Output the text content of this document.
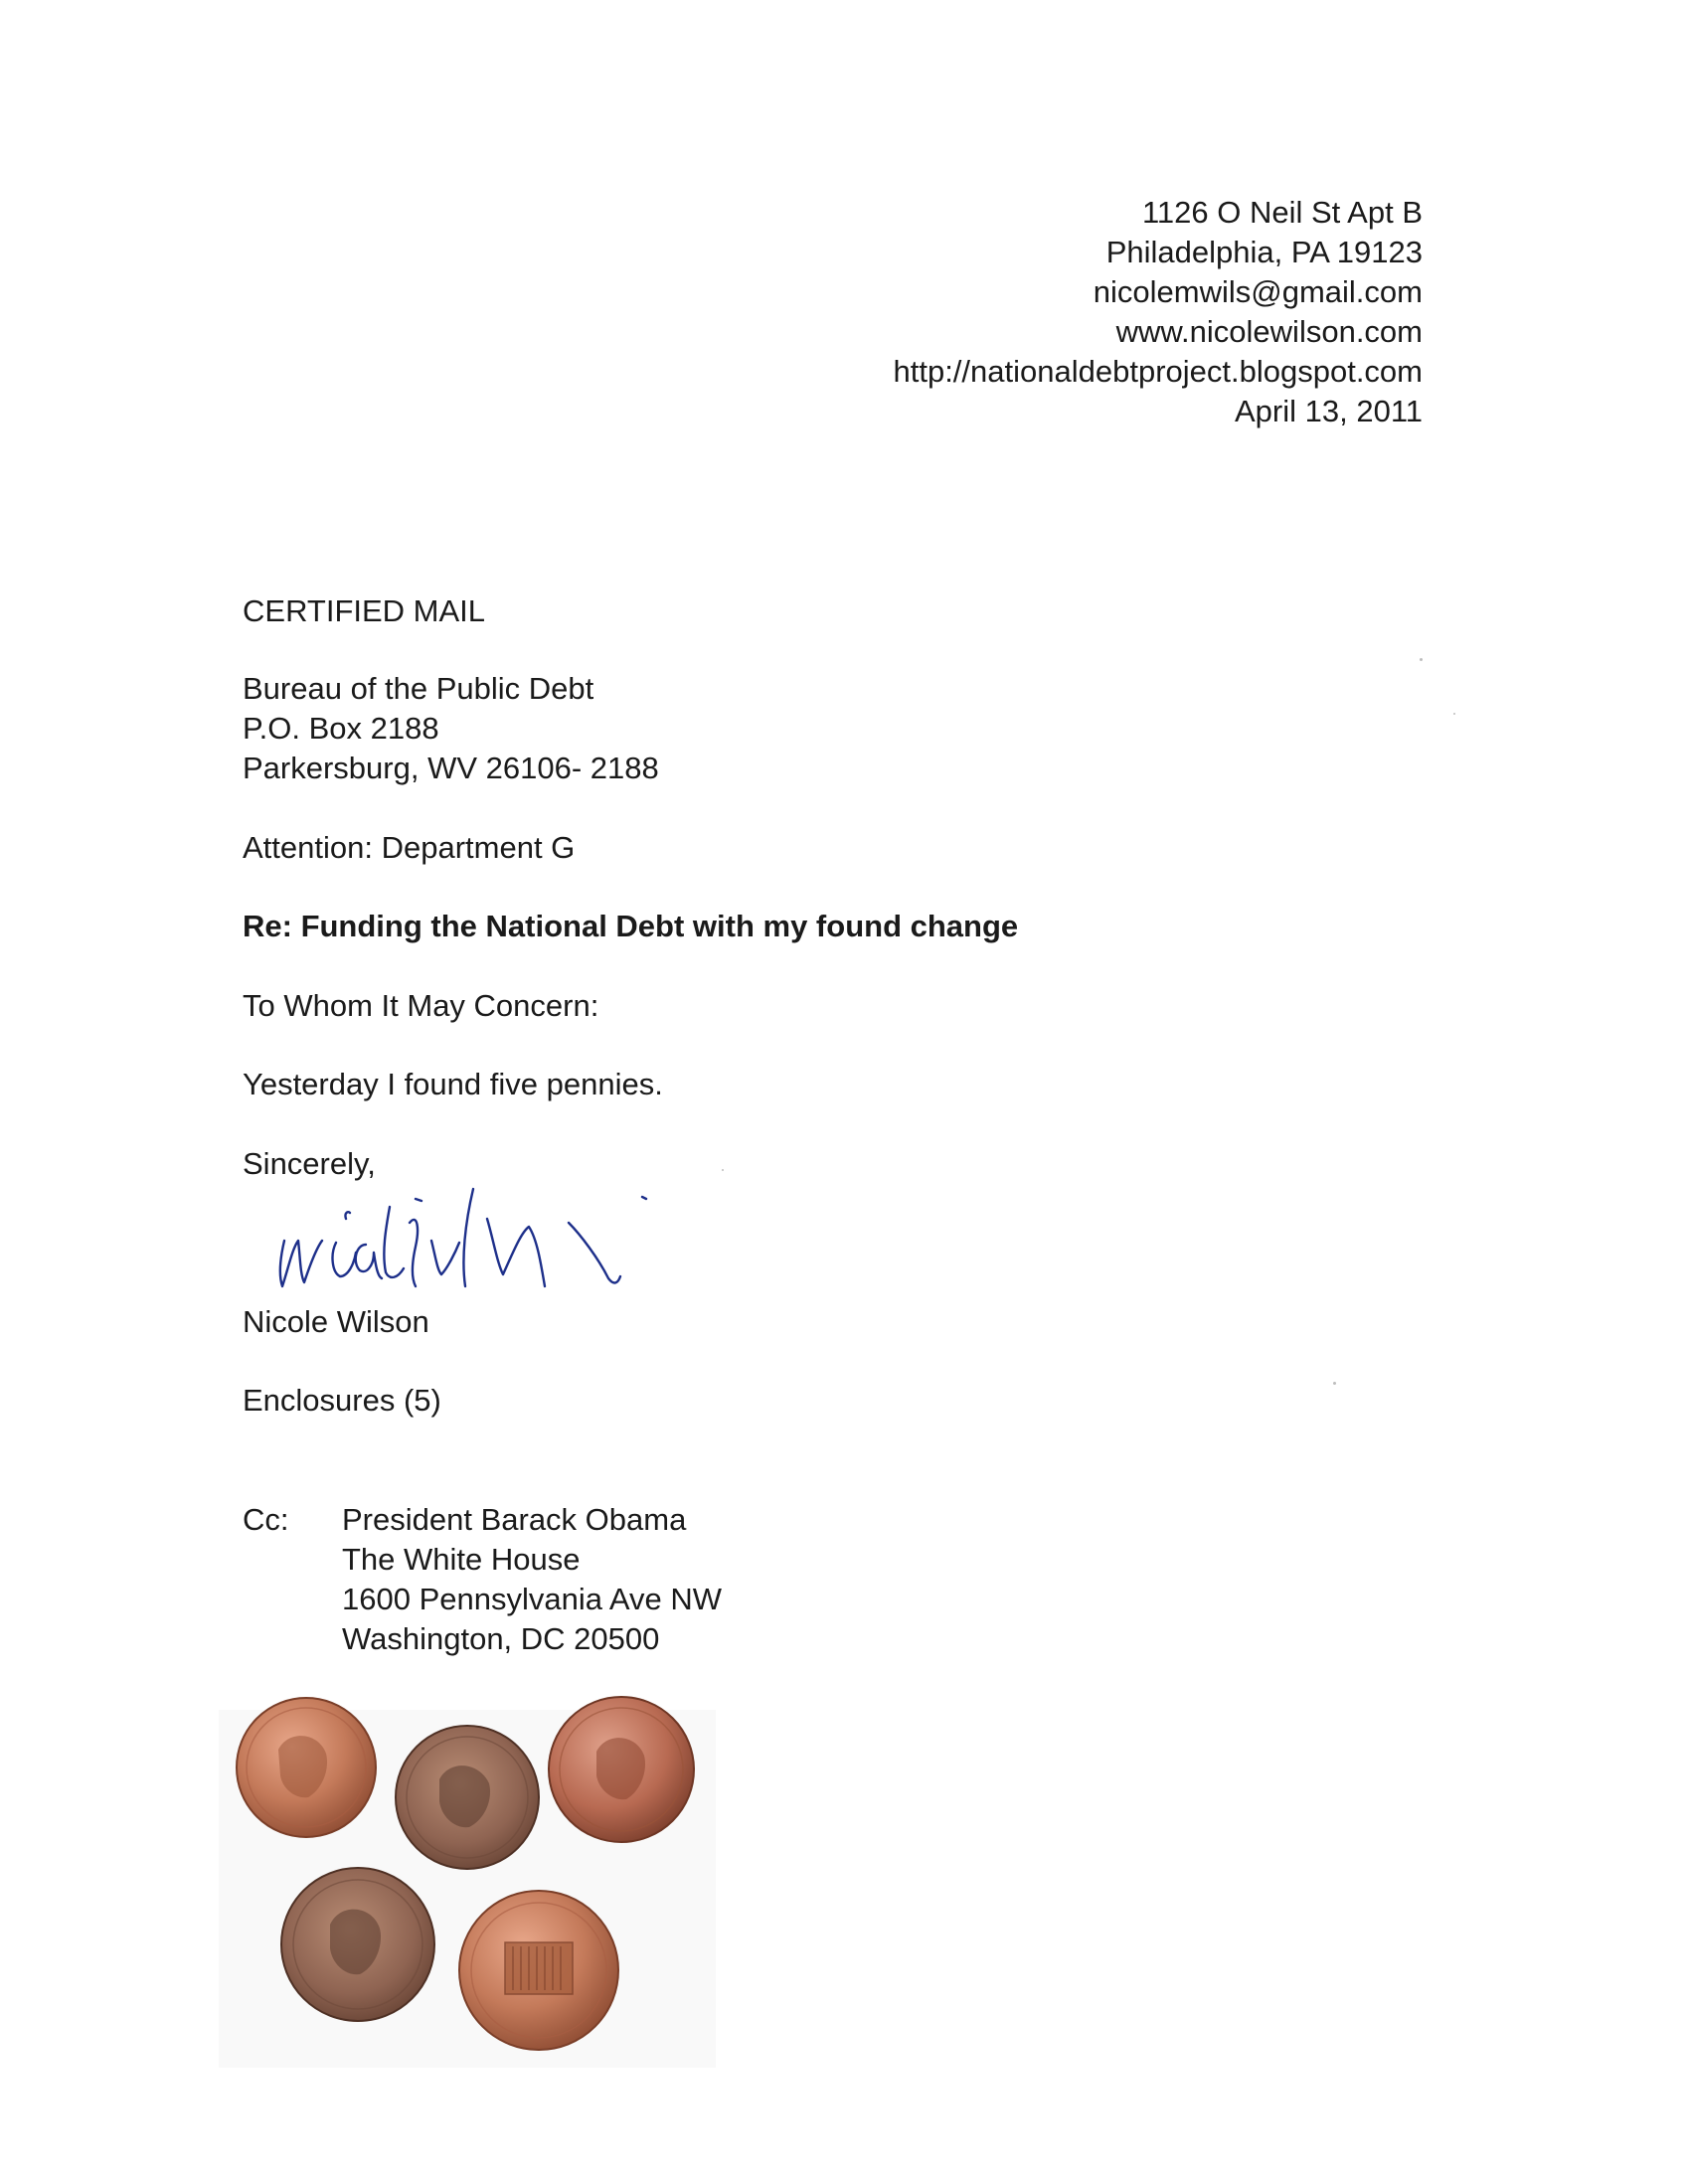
1126 O Neil St Apt B
Philadelphia, PA 19123
nicolemwils@gmail.com
www.nicolewilson.com
http://nationaldebtproject.blogspot.com
April 13, 2011
CERTIFIED MAIL
Bureau of the Public Debt
P.O. Box 2188
Parkersburg, WV 26106- 2188
Attention: Department G
Re: Funding the National Debt with my found change
To Whom It May Concern:
Yesterday I found five pennies.
Sincerely,
Nicole Wilson
Enclosures (5)
Cc: President Barack Obama
The White House
1600 Pennsylvania Ave NW
Washington, DC 20500
